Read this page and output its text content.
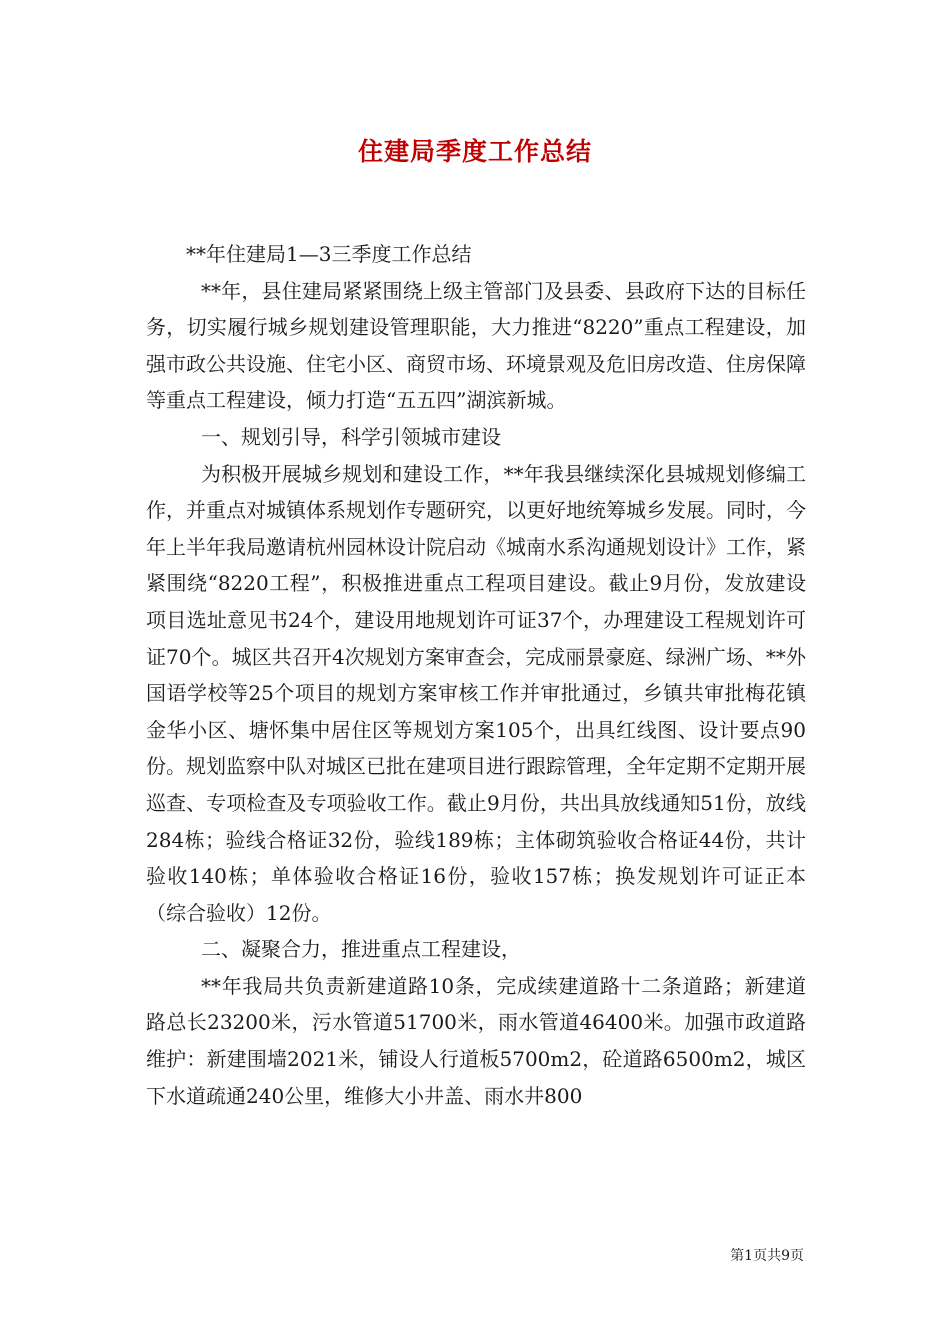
住建局季度工作总结

**年住建局1—3三季度工作总结

**年，县住建局紧紧围绕上级主管部门及县委、县政府下达的目标任务，切实履行城乡规划建设管理职能，大力推进“8220”重点工程建设，加强市政公共设施、住宅小区、商贸市场、环境景观及危旧房改造、住房保障等重点工程建设，倾力打造“五五四”湖滨新城。

一、规划引导，科学引领城市建设

为积极开展城乡规划和建设工作，**年我县继续深化县城规划修编工作，并重点对城镇体系规划作专题研究，以更好地统筹城乡发展。同时，今年上半年我局邀请杭州园林设计院启动《城南水系沟通规划设计》工作，紧紧围绕“8220工程”，积极推进重点工程项目建设。截止9月份，发放建设项目选址意见书24个，建设用地规划许可证37个，办理建设工程规划许可证70个。城区共召开4次规划方案审查会，完成丽景豪庭、绿洲广场、**外国语学校等25个项目的规划方案审核工作并审批通过，乡镇共审批梅花镇金华小区、塘怀集中居住区等规划方案105个，出具红线图、设计要点90份。规划监察中队对城区已批在建项目进行跟踪管理，全年定期不定期开展巡查、专项检查及专项验收工作。截止9月份，共出具放线通知51份，放线284栋；验线合格证32份，验线189栋；主体砌筑验收合格证44份，共计验收140栋；单体验收合格证16份，验收157栋；换发规划许可证正本（综合验收）12份。

二、凝聚合力，推进重点工程建设，

**年我局共负责新建道路10条，完成续建道路十二条道路；新建道路总长23200米，污水管道51700米，雨水管道46400米。加强市政道路维护：新建围墙2021米，铺设人行道板5700m2，砼道路6500m2，城区下水道疏通240公里，维修大小井盖、雨水井800

第1页共9页
